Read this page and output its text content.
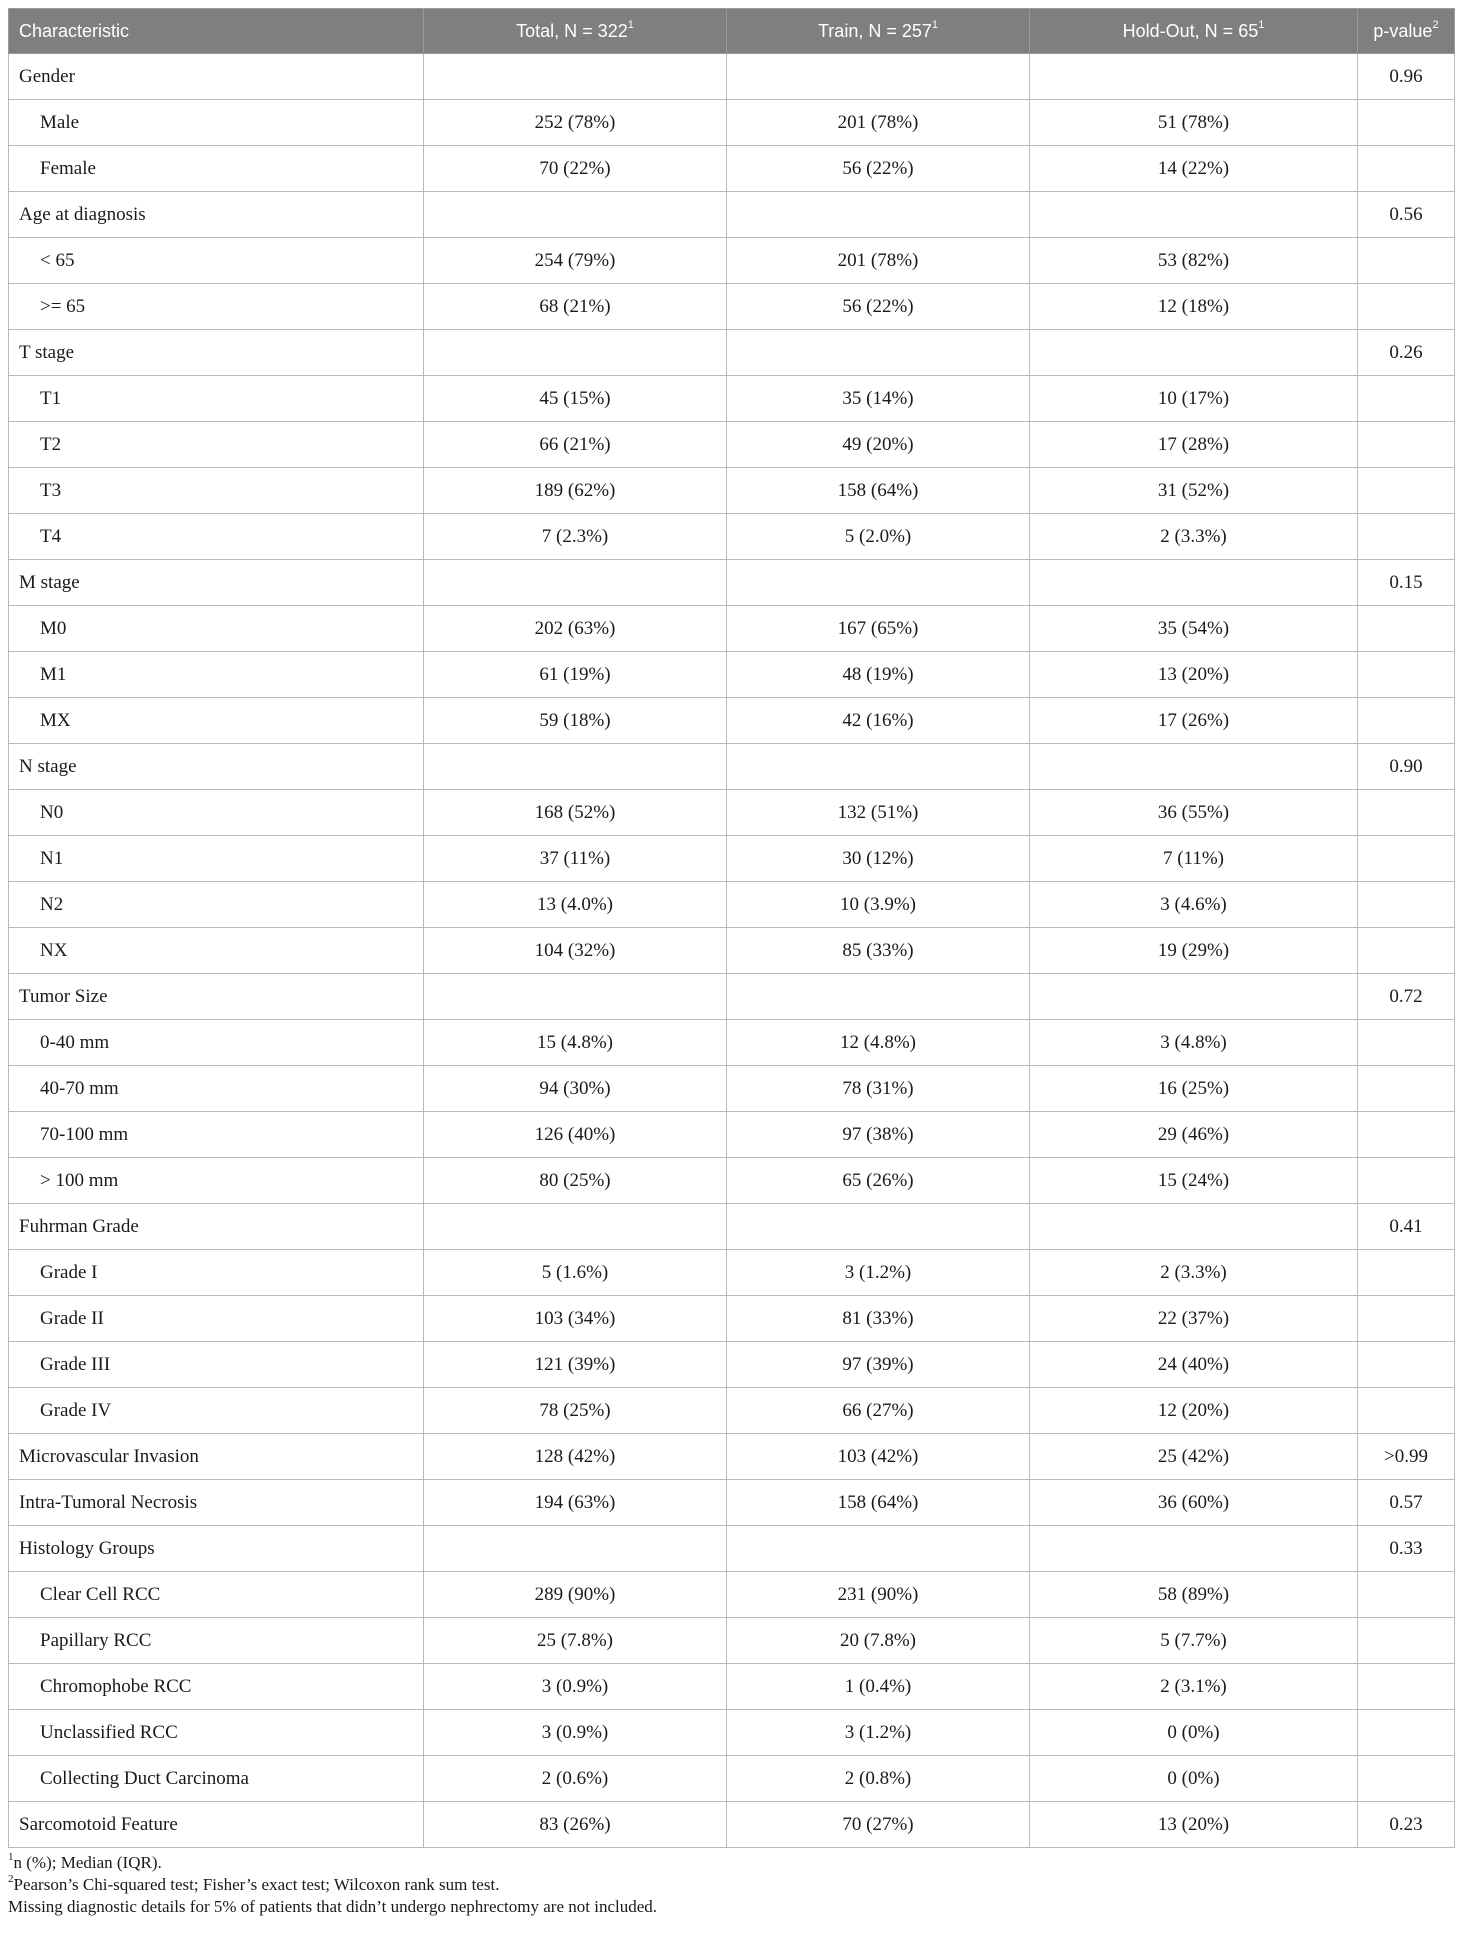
Characteristic	Total, $N = 322^1$	Train, $N = 257^1$	Hold-Out, $N = 65^1$	p-value$^2$
Gender				0.96
Male	252 (78%)	201 (78%)	51 (78%)	
Female	70 (22%)	56 (22%)	14 (22%)	
Age at diagnosis				0.56
< 65	254 (79%)	201 (78%)	53 (82%)	
>= 65	68 (21%)	56 (22%)	12 (18%)	
T stage				0.26
T1	45 (15%)	35 (14%)	10 (17%)	
T2	66 (21%)	49 (20%)	17 (28%)	
T3	189 (62%)	158 (64%)	31 (52%)	
T4	7 (2.3%)	5 (2.0%)	2 (3.3%)	
M stage				0.15
M0	202 (63%)	167 (65%)	35 (54%)	
M1	61 (19%)	48 (19%)	13 (20%)	
MX	59 (18%)	42 (16%)	17 (26%)	
N stage				0.90
N0	168 (52%)	132 (51%)	36 (55%)	
N1	37 (11%)	30 (12%)	7 (11%)	
N2	13 (4.0%)	10 (3.9%)	3 (4.6%)	
NX	104 (32%)	85 (33%)	19 (29%)	
Tumor Size				0.72
0-40 mm	15 (4.8%)	12 (4.8%)	3 (4.8%)	
40-70 mm	94 (30%)	78 (31%)	16 (25%)	
70-100 mm	126 (40%)	97 (38%)	29 (46%)	
> 100 mm	80 (25%)	65 (26%)	15 (24%)	
Fuhrman Grade				0.41
Grade I	5 (1.6%)	3 (1.2%)	2 (3.3%)	
Grade II	103 (34%)	81 (33%)	22 (37%)	
Grade III	121 (39%)	97 (39%)	24 (40%)	
Grade IV	78 (25%)	66 (27%)	12 (20%)	
Microvascular Invasion	128 (42%)	103 (42%)	25 (42%)	>0.99
Intra-Tumoral Necrosis	194 (63%)	158 (64%)	36 (60%)	0.57
Histology Groups				0.33
Clear Cell RCC	289 (90%)	231 (90%)	58 (89%)	
Papillary RCC	25 (7.8%)	20 (7.8%)	5 (7.7%)	
Chromophobe RCC	3 (0.9%)	1 (0.4%)	2 (3.1%)	
Unclassified RCC	3 (0.9%)	3 (1.2%)	0 (0%)	
Collecting Duct Carcinoma	2 (0.6%)	2 (0.8%)	0 (0%)	
Sarcomotoid Feature	83 (26%)	70 (27%)	13 (20%)	0.23
$^1$n (%); Median (IQR).
$^2$Pearson’s Chi-squared test; Fisher’s exact test; Wilcoxon rank sum test.
Missing diagnostic details for 5% of patients that didn’t undergo nephrectomy are not included.
